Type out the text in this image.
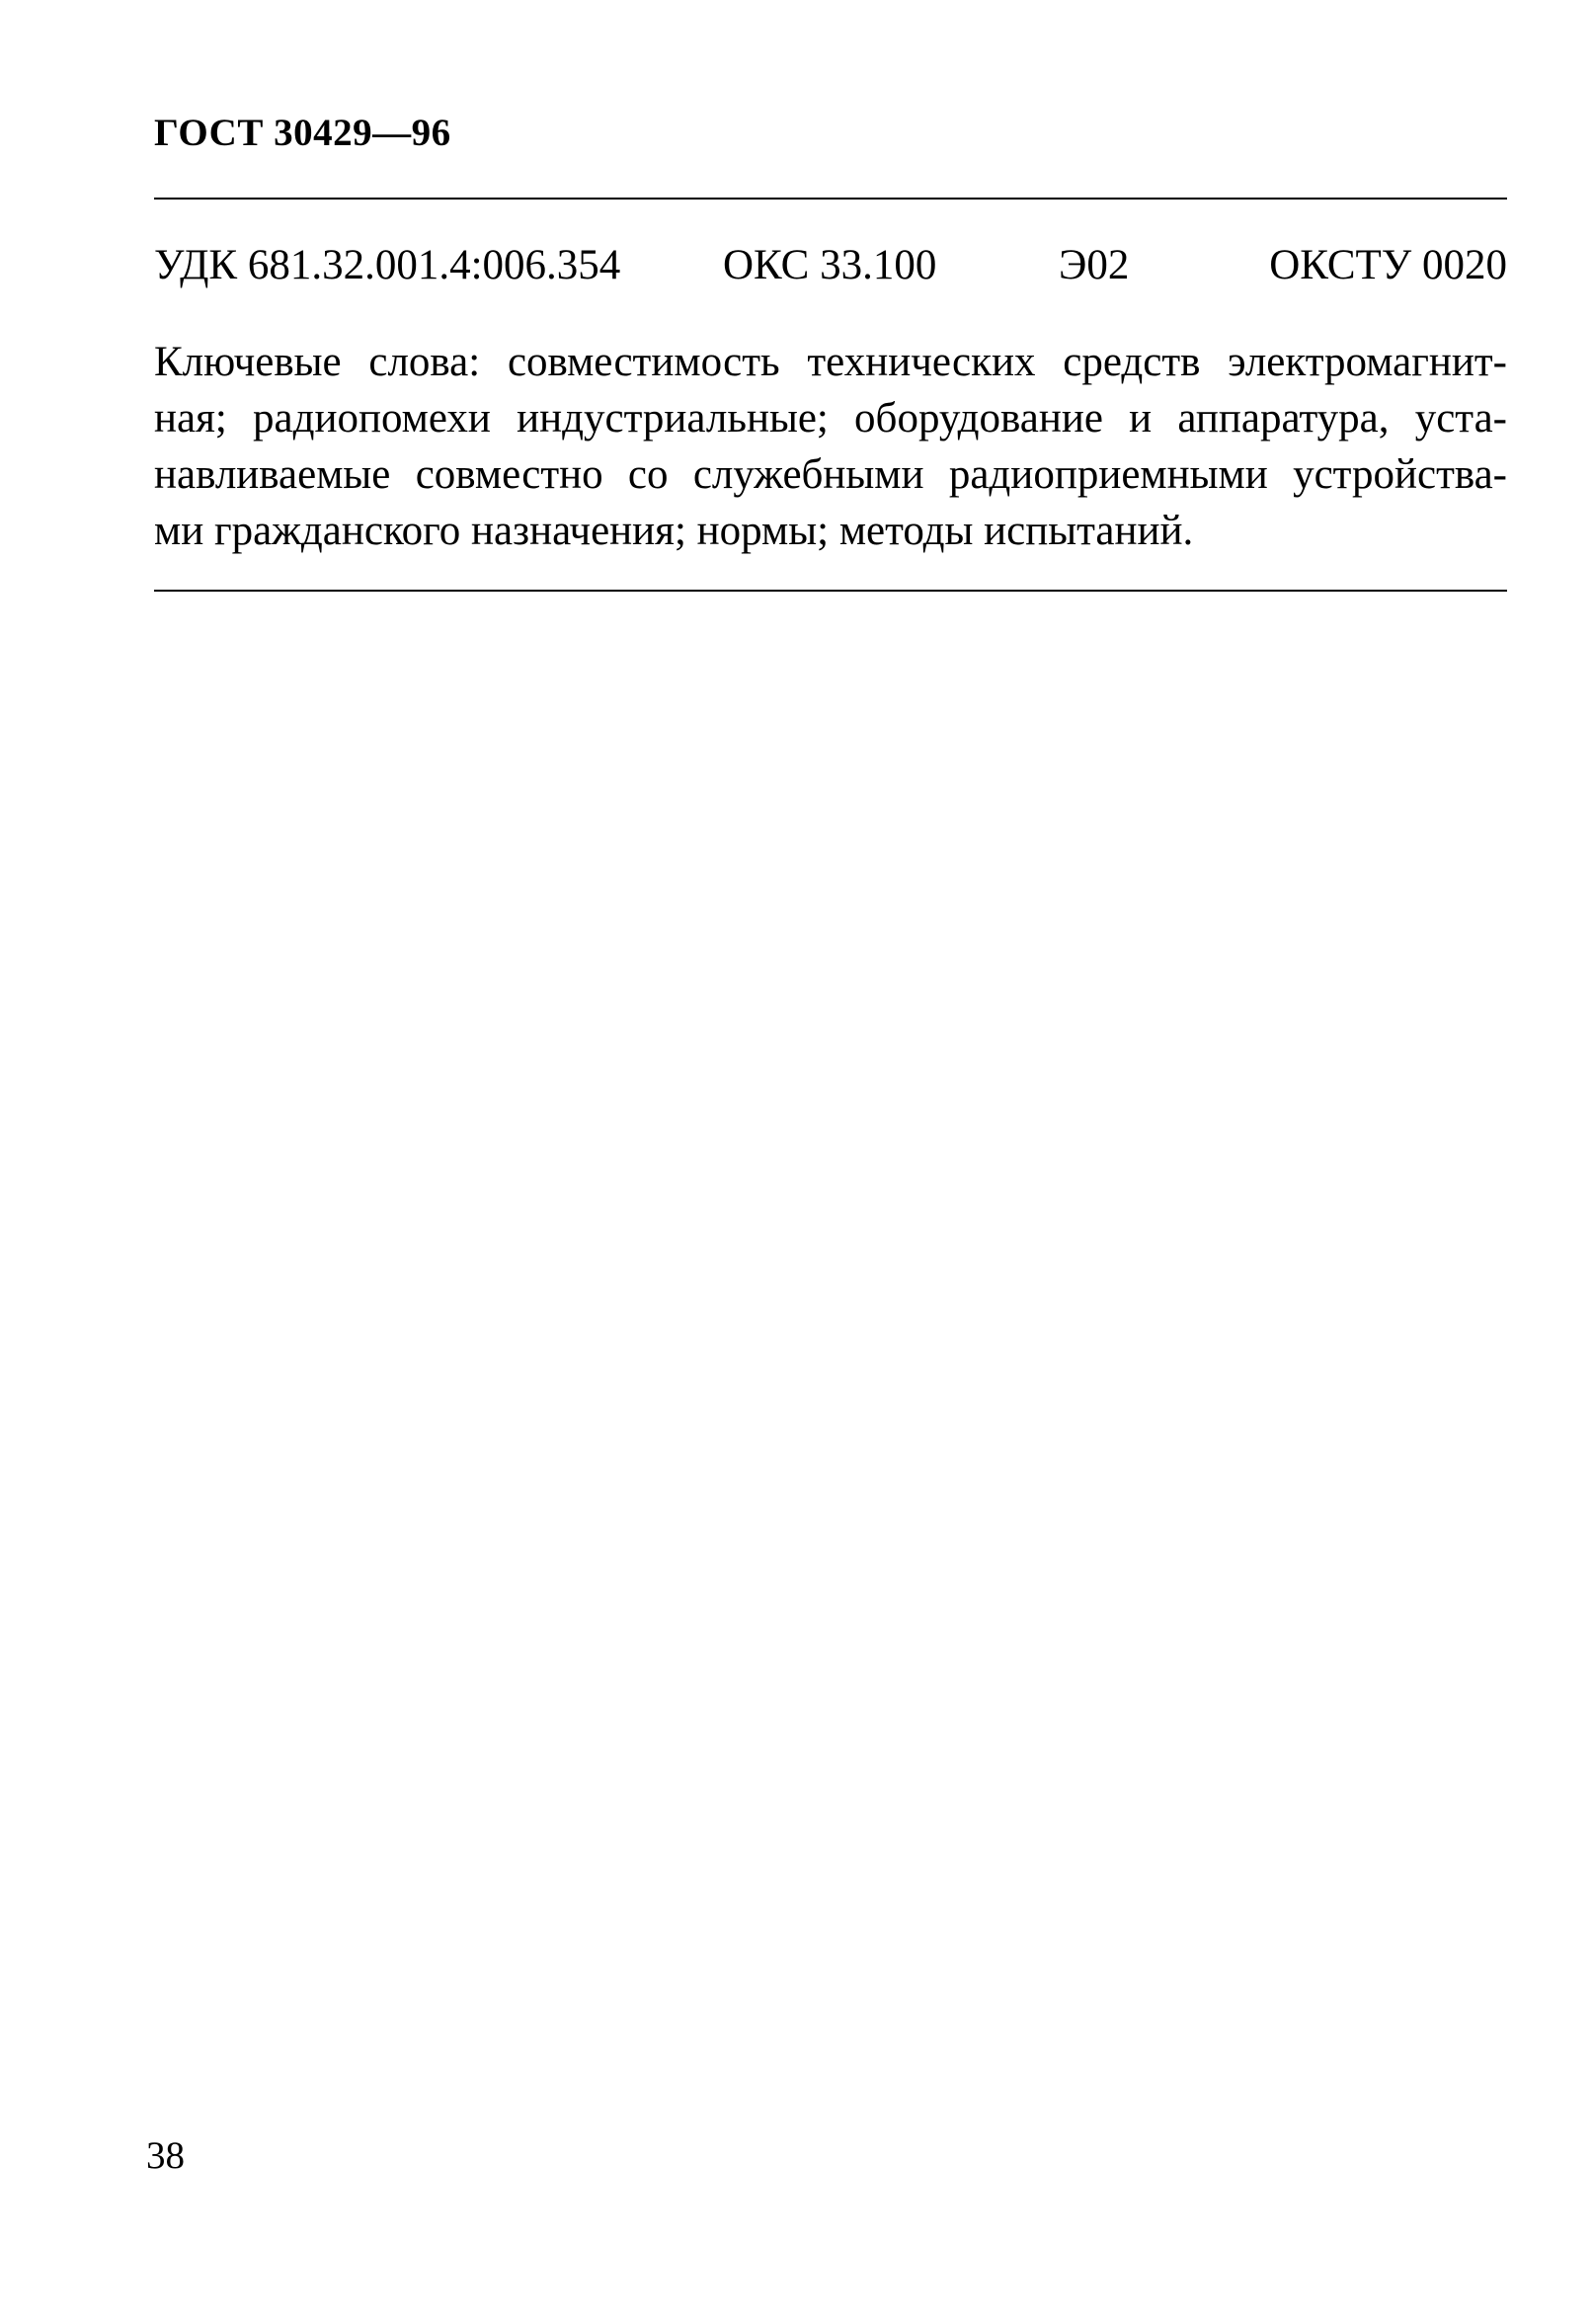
ГОСТ 30429—96
УДК 681.32.001.4:006.354 ОКС 33.100	Э02	ОКСТУ 0020

Ключевые слова: совместимость технических средств электромагнит-
ная; радиопомехи индустриальные; оборудование и аппаратура, уста-
навливаемые совместно со служебными радиоприемными устройства-
ми гражданского назначения; нормы; методы испытаний.

38
